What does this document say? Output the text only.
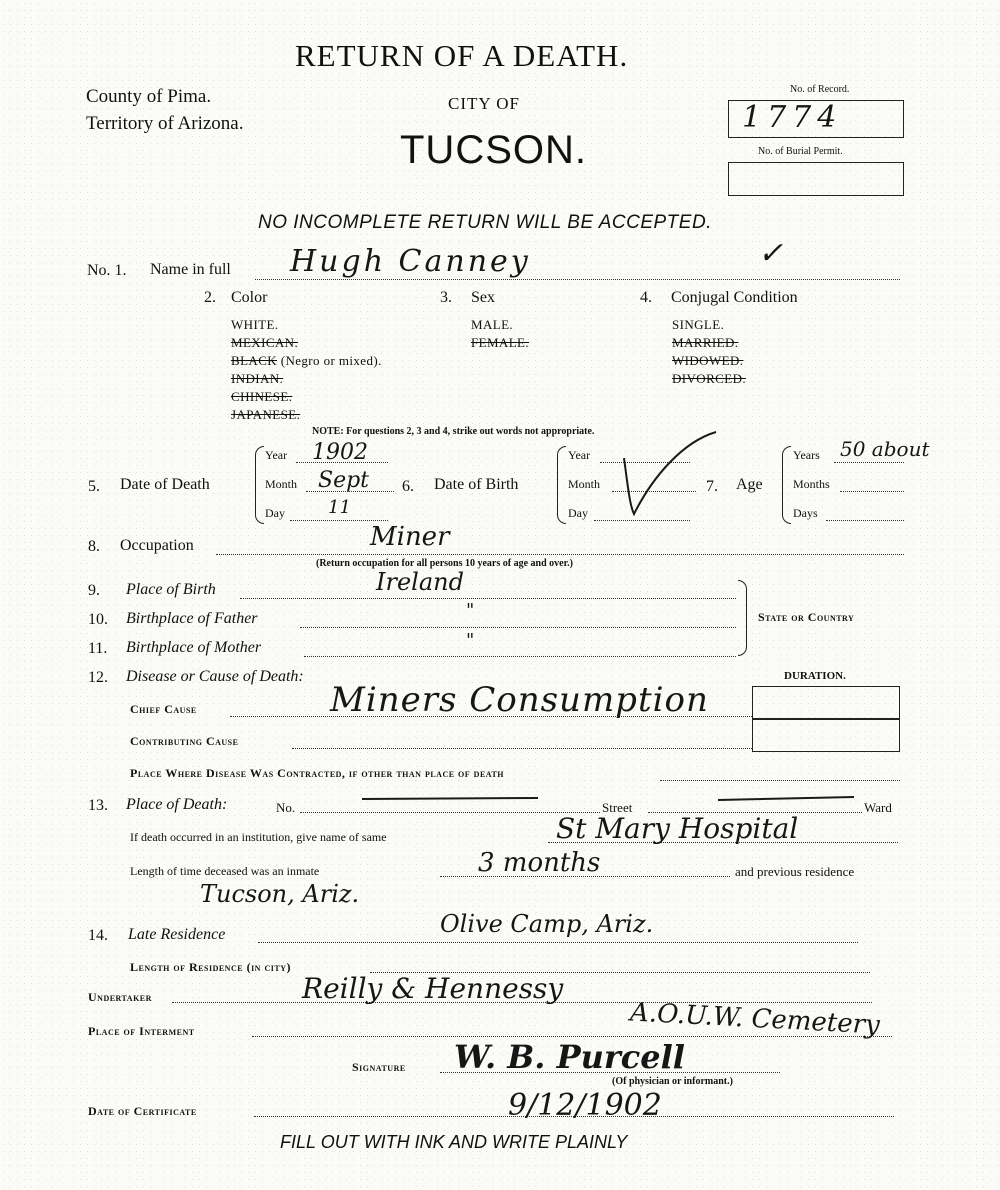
RETURN OF A DEATH.
County of Pima.
Territory of Arizona.
CITY OF
TUCSON.
No. of Record.
1774
No. of Burial Permit.
NO INCOMPLETE RETURN WILL BE ACCEPTED.
No. 1. Name in full Hugh Canney	✓
2. Color
WHITE.
MEXICAN.
BLACK (Negro or mixed).
INDIAN.
CHINESE.
JAPANESE.
3. Sex
MALE.
FEMALE.
4. Conjugal Condition
SINGLE.
MARRIED.
WIDOWED.
DIVORCED.
NOTE: For questions 2, 3 and 4, strike out words not appropriate.
5. Date of Death
Year 1902
Month Sept
Day 11
6. Date of Birth
Year
Month
Day
7. Age
Years 50 about
Months
Days
8. Occupation	Miner
(Return occupation for all persons 10 years of age and over.)
9. Place of Birth	Ireland
10. Birthplace of Father	"
11. Birthplace of Mother	"
State or Country
12. Disease or Cause of Death:	DURATION.
Chief Cause	Miners Consumption
Contributing Cause
Place Where Disease Was Contracted, if other than place of death
13. Place of Death:	No.	Street	Ward
If death occurred in an institution, give name of same	St Mary Hospital
Length of time deceased was an inmate	3 months	and previous residence
Tucson, Ariz.
14. Late Residence	Olive Camp, Ariz.
Length of Residence (in city)
Undertaker	Reilly & Hennessy
Place of Interment	A.O.U.W. Cemetery
Signature W. B. Purcell
(Of physician or informant.)
Date of Certificate	9/12/1902
FILL OUT WITH INK AND WRITE PLAINLY
